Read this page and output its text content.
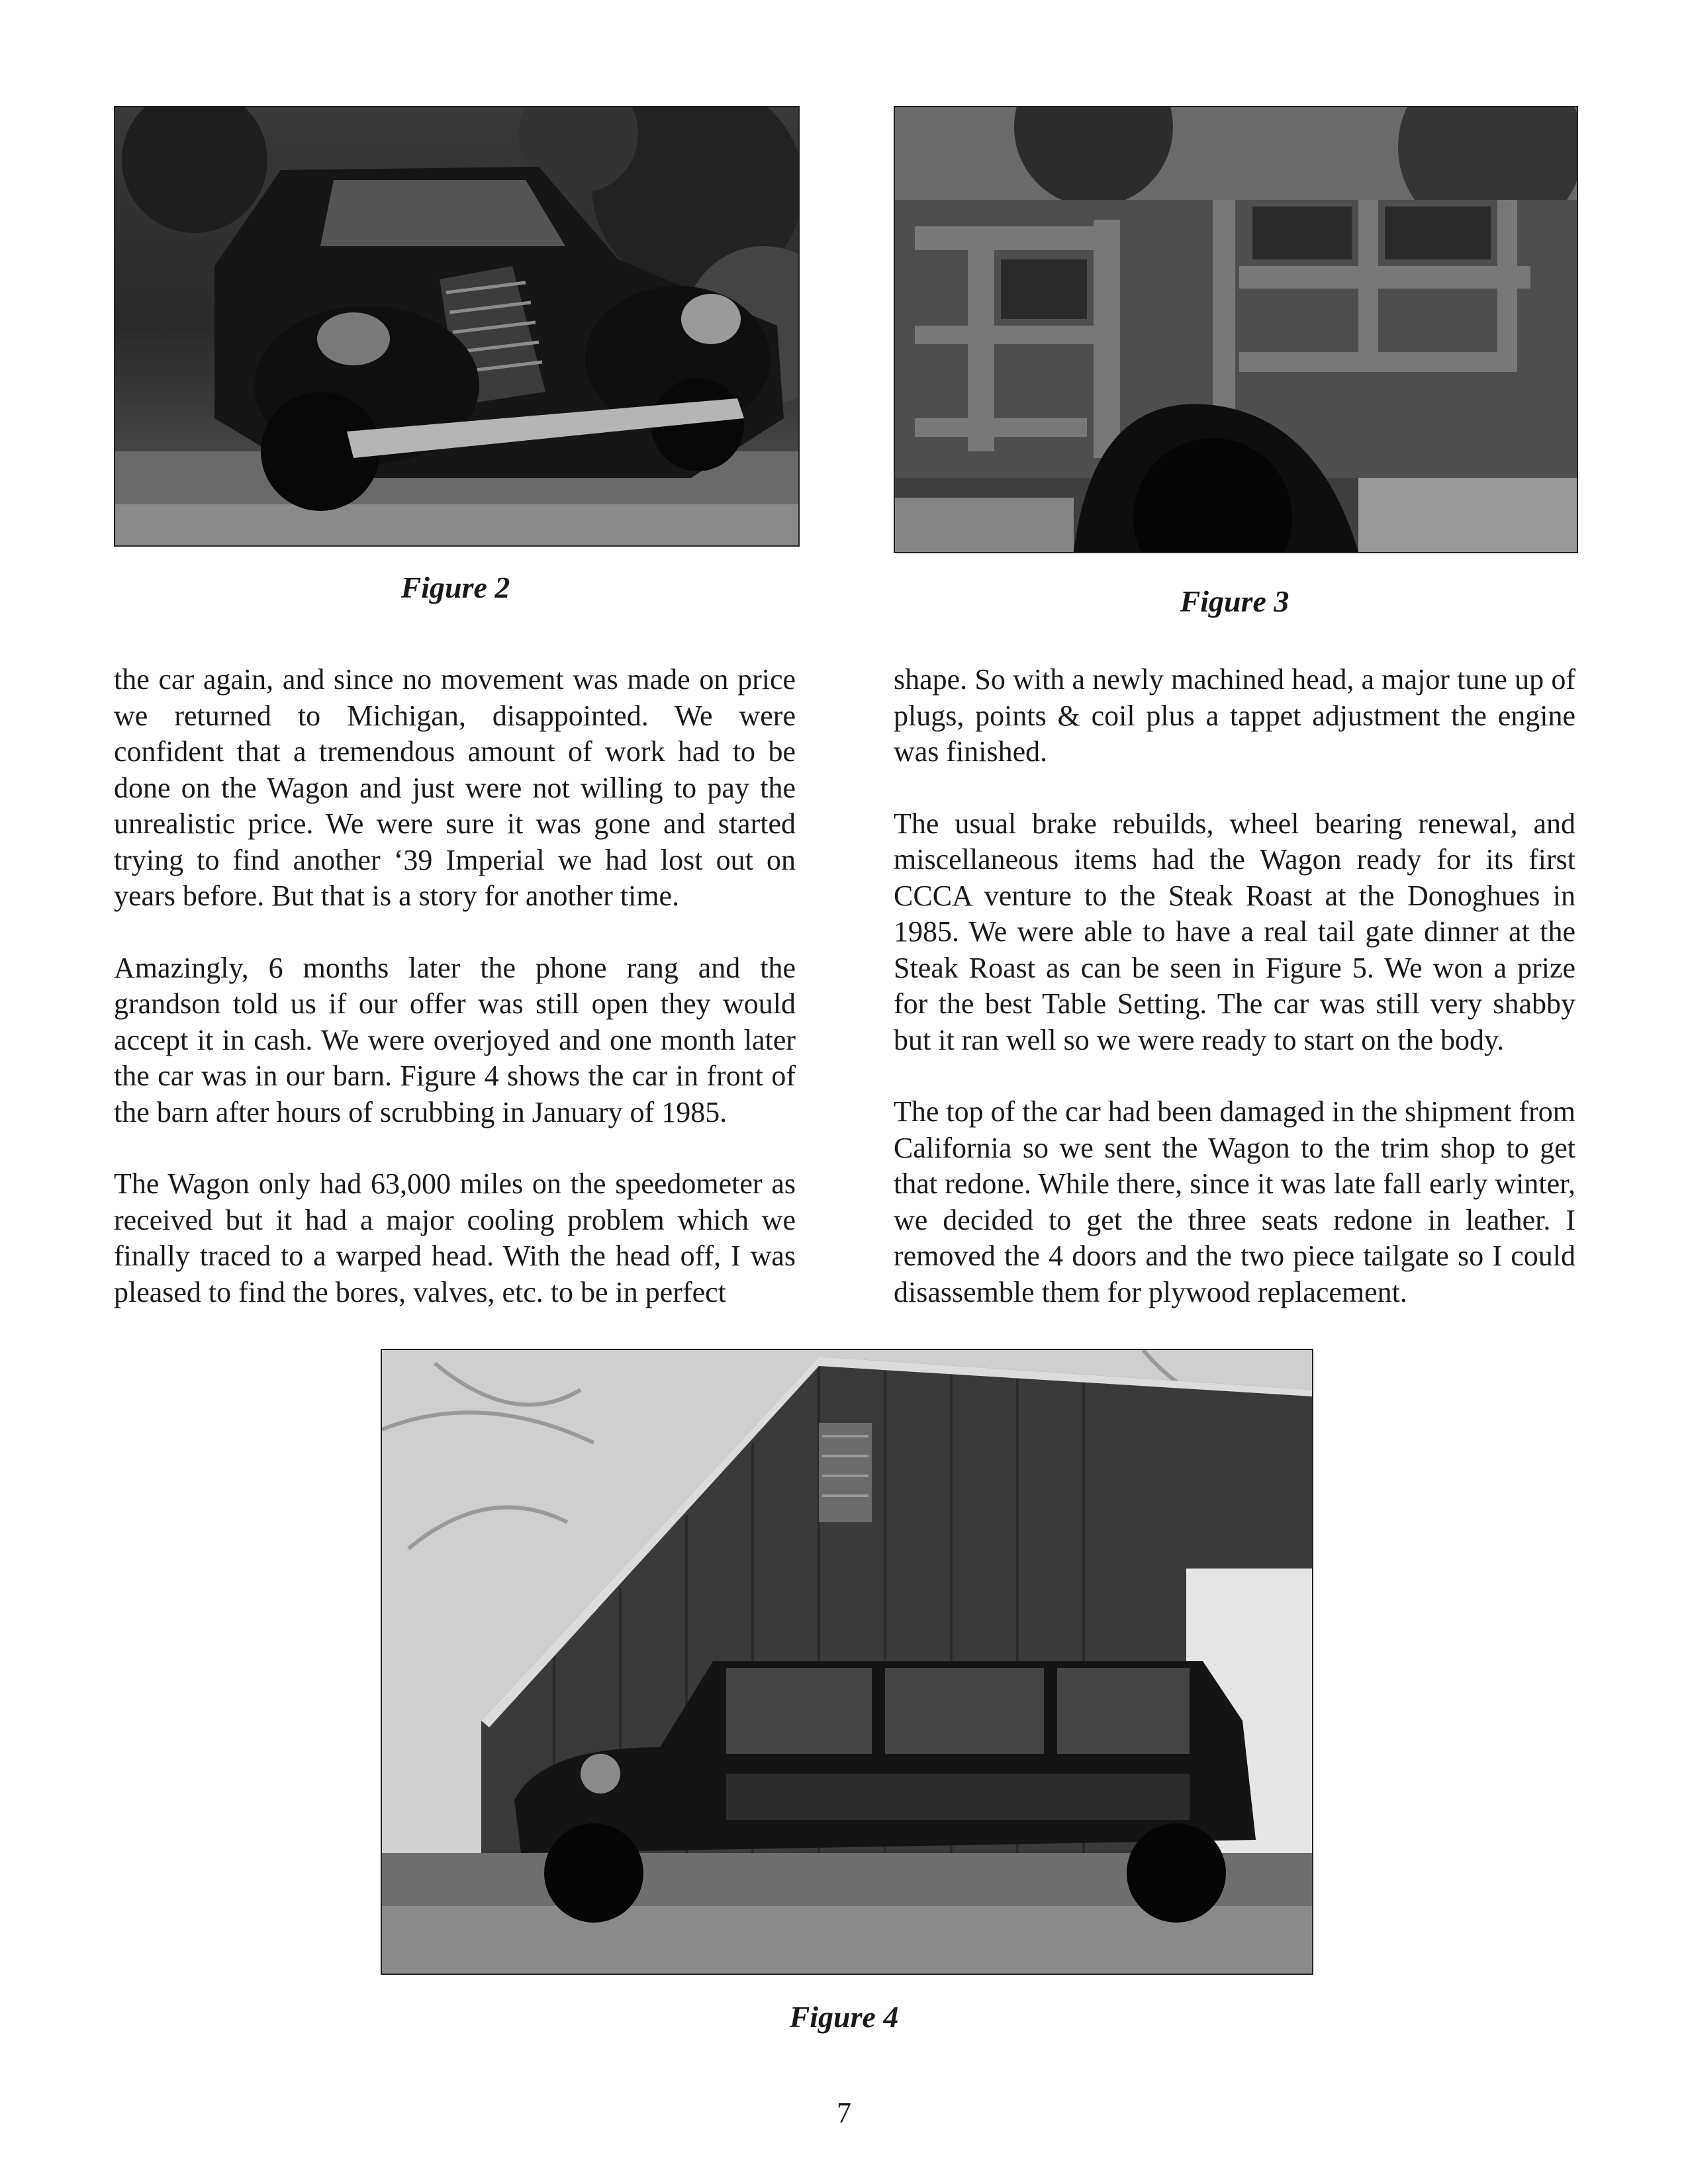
Figure 2	Figure 3

the car again, and since no movement was made on price we returned to Michigan, disappointed. We were confident that a tremendous amount of work had to be done on the Wagon and just were not willing to pay the unrealistic price. We were sure it was gone and started trying to find another ‘39 Imperial we had lost out on years before. But that is a story for another time.

Amazingly, 6 months later the phone rang and the grandson told us if our offer was still open they would accept it in cash. We were overjoyed and one month later the car was in our barn. Figure 4 shows the car in front of the barn after hours of scrubbing in January of 1985.

The Wagon only had 63,000 miles on the speedometer as received but it had a major cooling problem which we finally traced to a warped head. With the head off, I was pleased to find the bores, valves, etc. to be in perfect

shape. So with a newly machined head, a major tune up of plugs, points & coil plus a tappet adjustment the engine was finished.

The usual brake rebuilds, wheel bearing renewal, and miscellaneous items had the Wagon ready for its first CCCA venture to the Steak Roast at the Donoghues in 1985. We were able to have a real tail gate dinner at the Steak Roast as can be seen in Figure 5. We won a prize for the best Table Setting. The car was still very shabby but it ran well so we were ready to start on the body.

The top of the car had been damaged in the shipment from California so we sent the Wagon to the trim shop to get that redone. While there, since it was late fall early winter, we decided to get the three seats redone in leather. I removed the 4 doors and the two piece tailgate so I could disassemble them for plywood replacement.

Figure 4

7
